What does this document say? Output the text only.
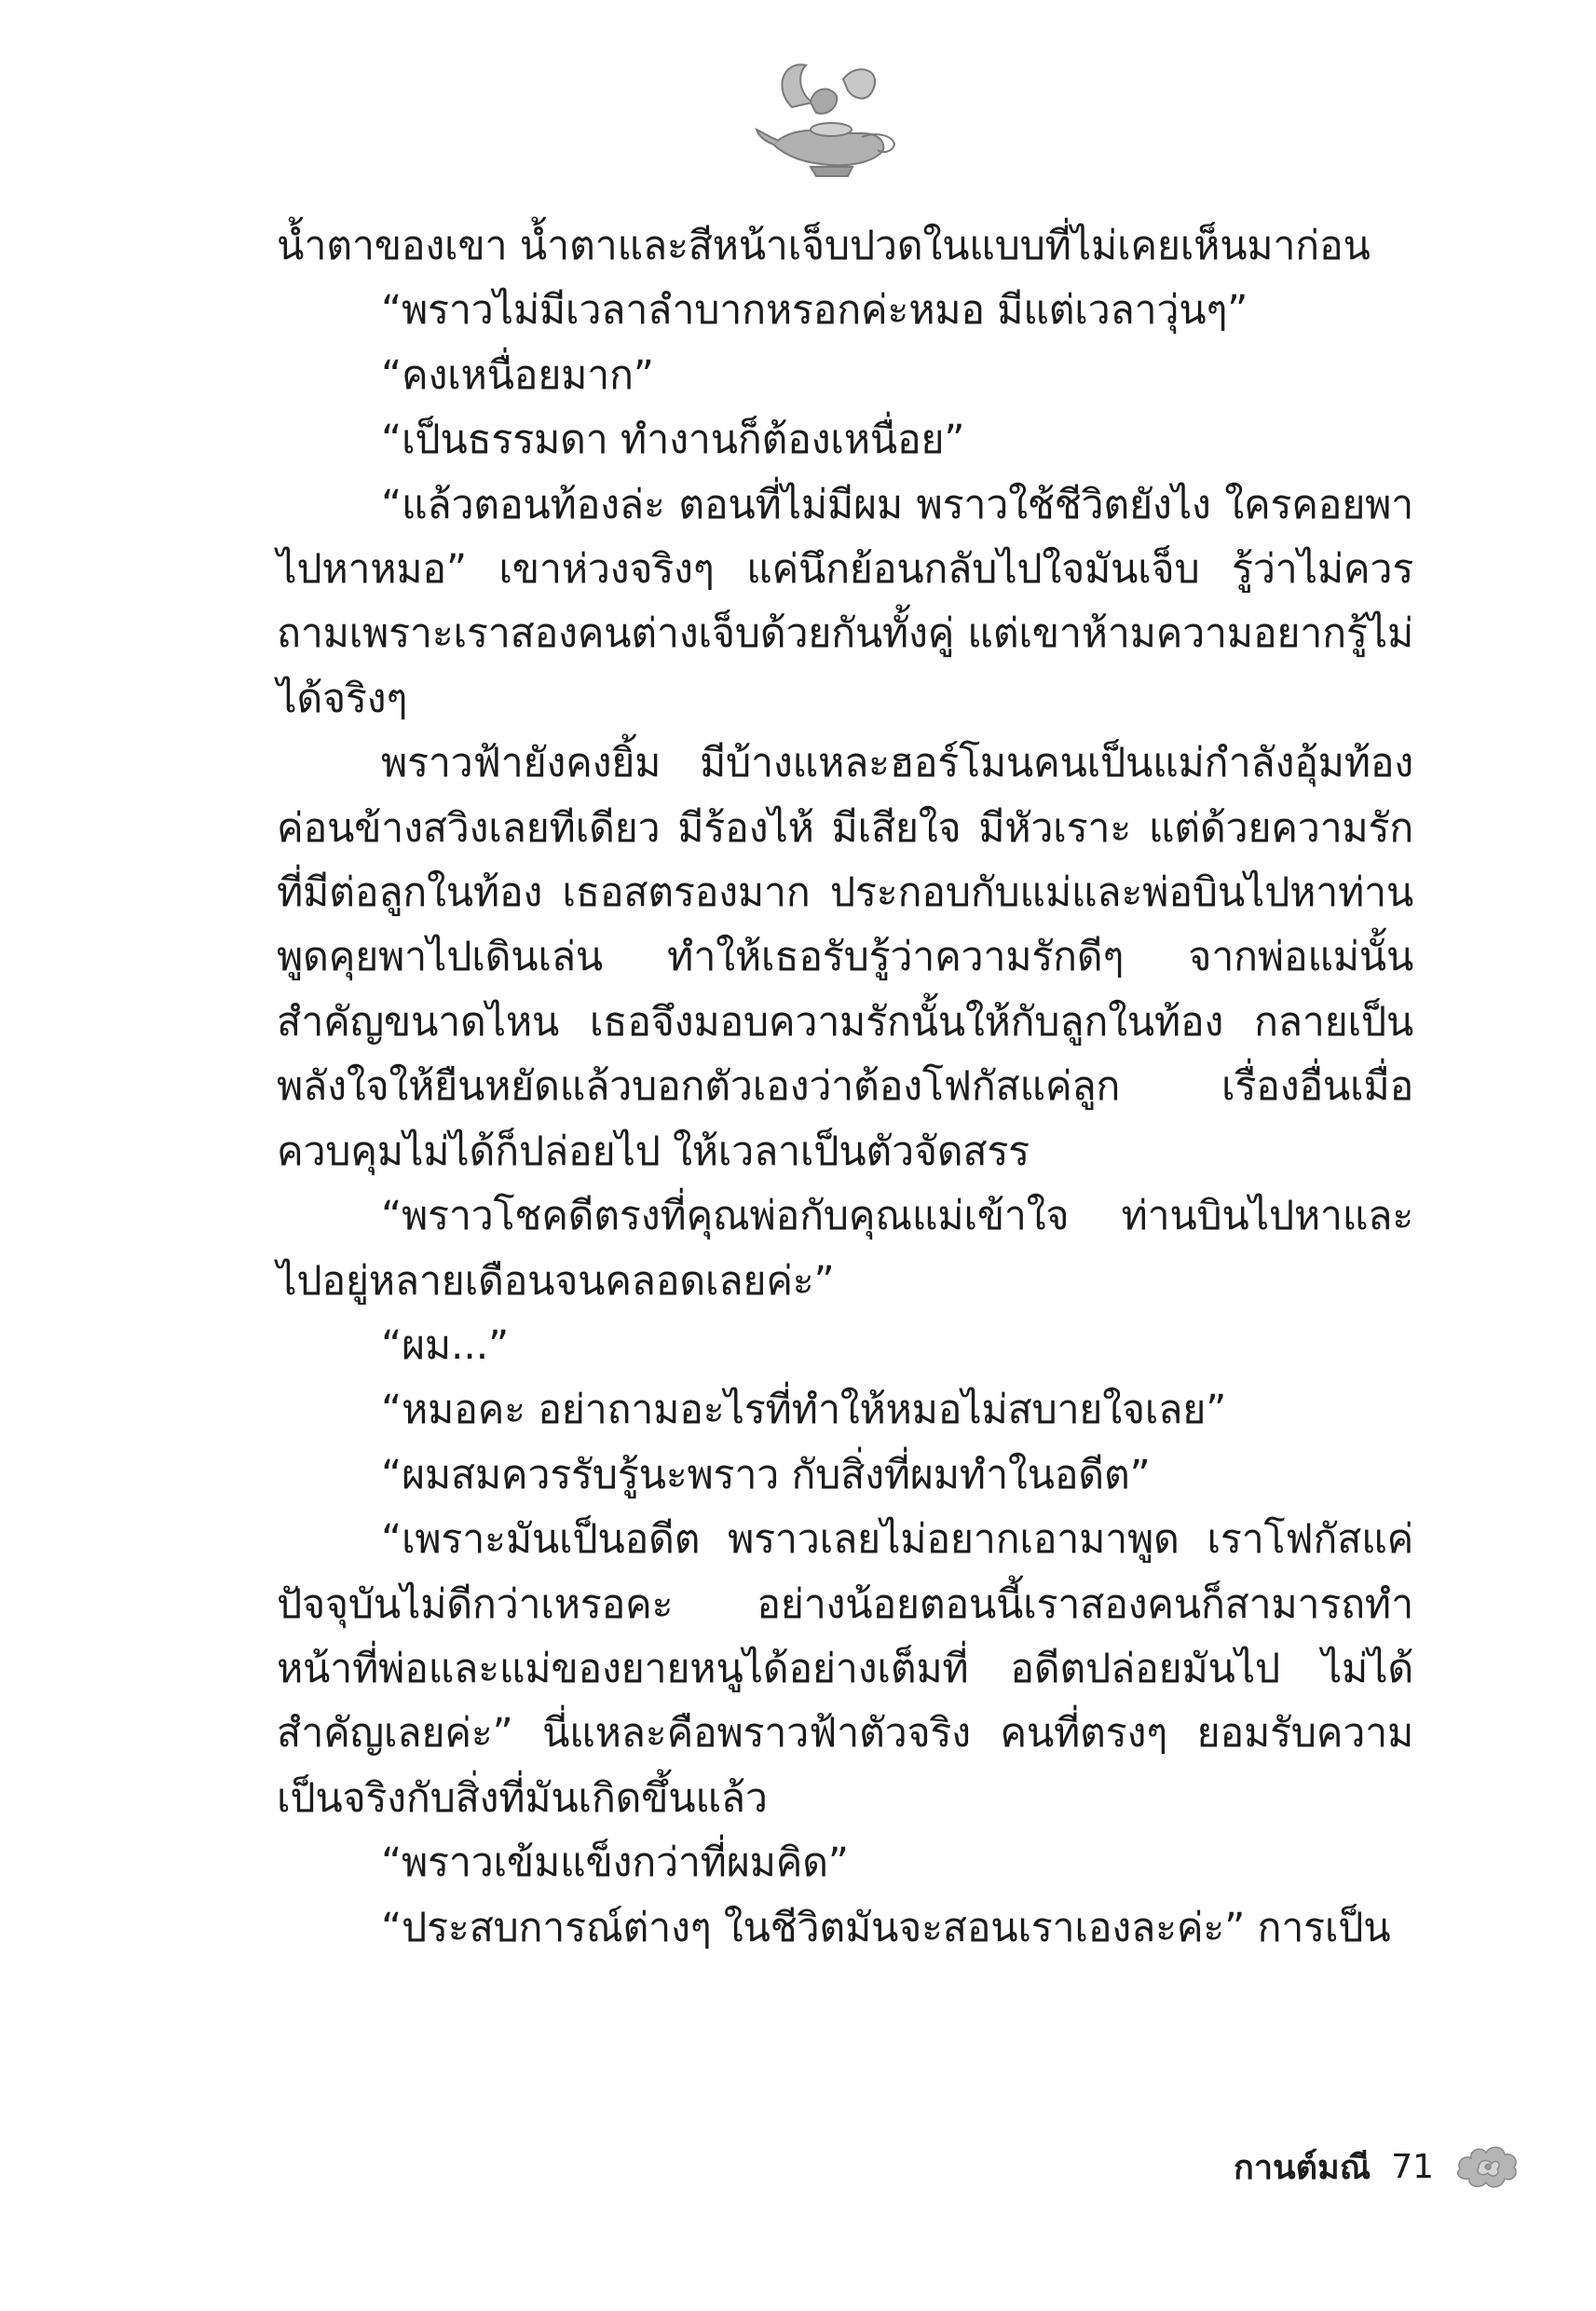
น้ำตาของเขา น้ำตาและสีหน้าเจ็บปวดในแบบที่ไม่เคยเห็นมาก่อน

“พราวไม่มีเวลาลำบากหรอกค่ะหมอ มีแต่เวลาวุ่นๆ”

“คงเหนื่อยมาก”

“เป็นธรรมดา ทำงานก็ต้องเหนื่อย”

“แล้วตอนท้องล่ะ ตอนที่ไม่มีผม พราวใช้ชีวิตยังไง ใครคอยพาไปหาหมอ” เขาห่วงจริงๆ แค่นึกย้อนกลับไปใจมันเจ็บ รู้ว่าไม่ควรถามเพราะเราสองคนต่างเจ็บด้วยกันทั้งคู่ แต่เขาห้ามความอยากรู้ไม่ได้จริงๆ

พราวฟ้ายังคงยิ้ม มีบ้างแหละฮอร์โมนคนเป็นแม่กำลังอุ้มท้องค่อนข้างสวิงเลยทีเดียว มีร้องไห้ มีเสียใจ มีหัวเราะ แต่ด้วยความรักที่มีต่อลูกในท้อง เธอสตรองมาก ประกอบกับแม่และพ่อบินไปหาท่านพูดคุยพาไปเดินเล่น ทำให้เธอรับรู้ว่าความรักดีๆ จากพ่อแม่นั้นสำคัญขนาดไหน เธอจึงมอบความรักนั้นให้กับลูกในท้อง กลายเป็นพลังใจให้ยืนหยัดแล้วบอกตัวเองว่าต้องโฟกัสแค่ลูก เรื่องอื่นเมื่อควบคุมไม่ได้ก็ปล่อยไป ให้เวลาเป็นตัวจัดสรร

“พราวโชคดีตรงที่คุณพ่อกับคุณแม่เข้าใจ ท่านบินไปหาและไปอยู่หลายเดือนจนคลอดเลยค่ะ”

“ผม...”

“หมอคะ อย่าถามอะไรที่ทำให้หมอไม่สบายใจเลย”

“ผมสมควรรับรู้นะพราว กับสิ่งที่ผมทำในอดีต”

“เพราะมันเป็นอดีต พราวเลยไม่อยากเอามาพูด เราโฟกัสแค่ปัจจุบันไม่ดีกว่าเหรอคะ อย่างน้อยตอนนี้เราสองคนก็สามารถทำหน้าที่พ่อและแม่ของยายหนูได้อย่างเต็มที่ อดีตปล่อยมันไป ไม่ได้สำคัญเลยค่ะ” นี่แหละคือพราวฟ้าตัวจริง คนที่ตรงๆ ยอมรับความเป็นจริงกับสิ่งที่มันเกิดขึ้นแล้ว

“พราวเข้มแข็งกว่าที่ผมคิด”

“ประสบการณ์ต่างๆ ในชีวิตมันจะสอนเราเองละค่ะ” การเป็น

กานต์มณี 71
